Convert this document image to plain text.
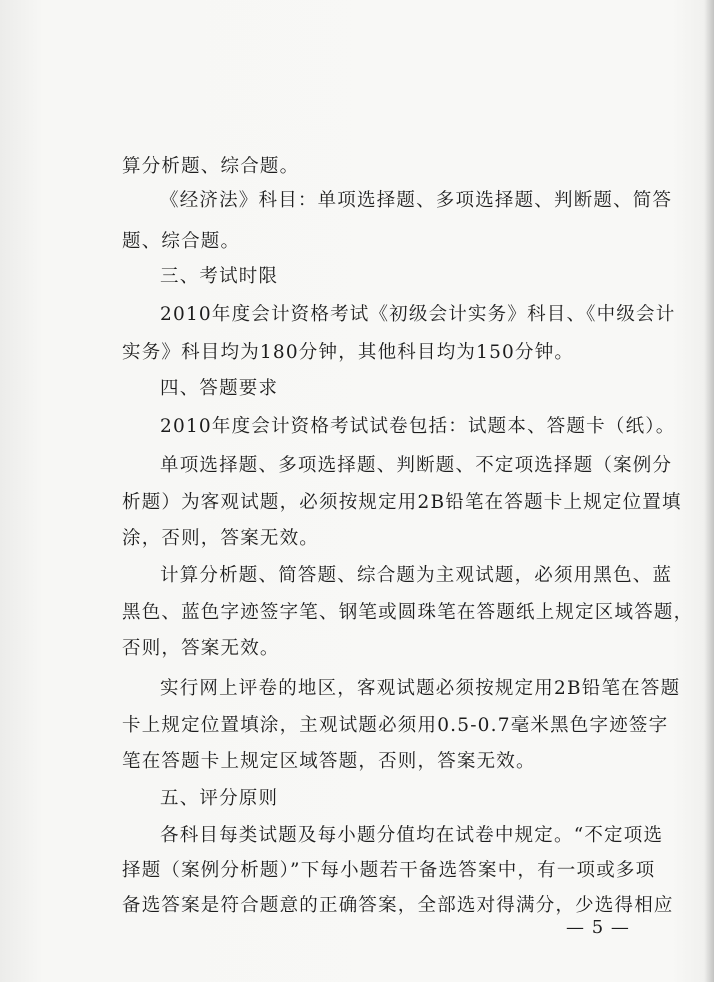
算分析题、综合题。
《经济法》科目：单项选择题、多项选择题、判断题、简答
题、综合题。
三、考试时限
2010年度会计资格考试《初级会计实务》科目、《中级会计
实务》科目均为180分钟，其他科目均为150分钟。
四、答题要求
2010年度会计资格考试试卷包括：试题本、答题卡（纸）。
单项选择题、多项选择题、判断题、不定项选择题（案例分
析题）为客观试题，必须按规定用2B铅笔在答题卡上规定位置填
涂，否则，答案无效。
计算分析题、简答题、综合题为主观试题，必须用黑色、蓝
黑色、蓝色字迹签字笔、钢笔或圆珠笔在答题纸上规定区域答题，
否则，答案无效。
实行网上评卷的地区，客观试题必须按规定用2B铅笔在答题
卡上规定位置填涂，主观试题必须用0.5-0.7毫米黑色字迹签字
笔在答题卡上规定区域答题，否则，答案无效。
五、评分原则
各科目每类试题及每小题分值均在试卷中规定。“不定项选
择题（案例分析题）”下每小题若干备选答案中，有一项或多项
备选答案是符合题意的正确答案，全部选对得满分，少选得相应
— 5 —
